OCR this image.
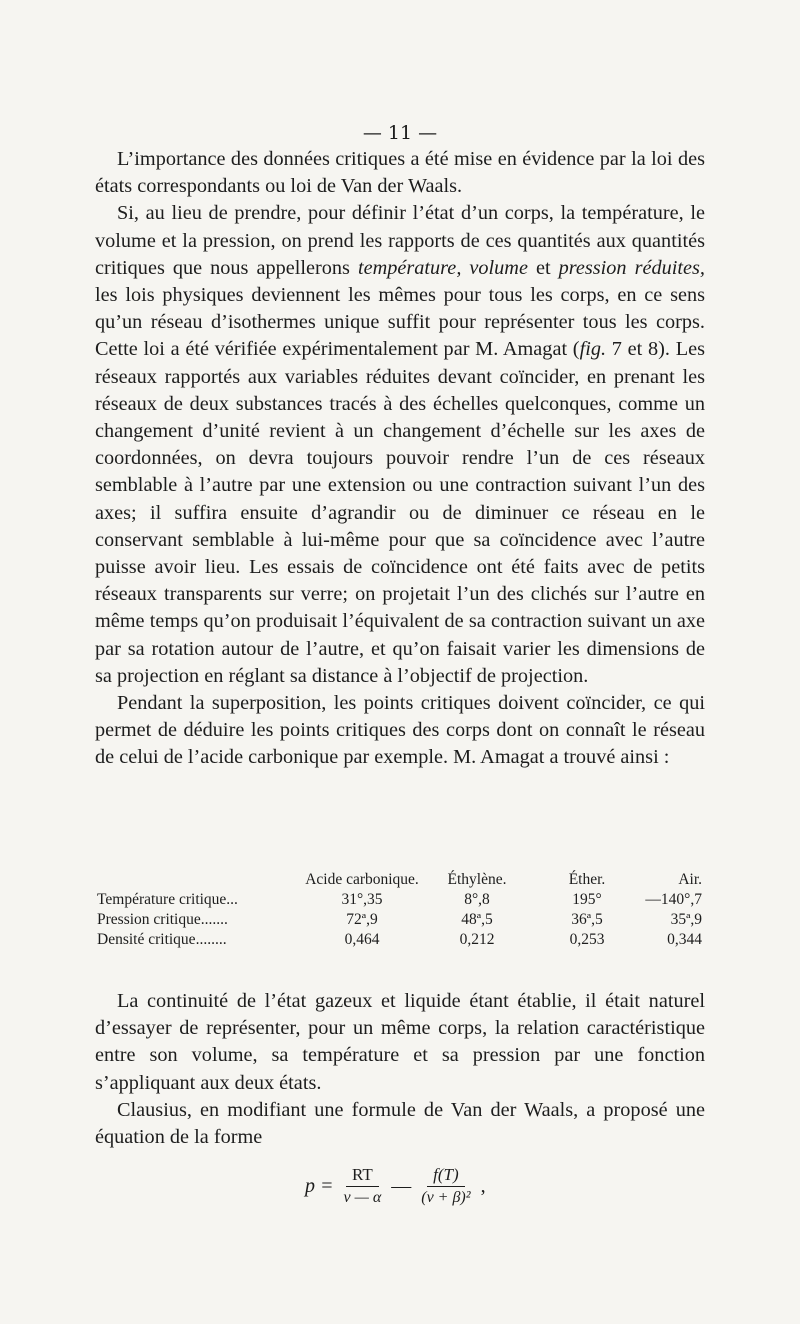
— 11 —

L’importance des données critiques a été mise en évidence par la loi des états correspondants ou loi de Van der Waals.

Si, au lieu de prendre, pour définir l’état d’un corps, la température, le volume et la pression, on prend les rapports de ces quantités aux quantités critiques que nous appellerons température, volume et pression réduites, les lois physiques deviennent les mêmes pour tous les corps, en ce sens qu’un réseau d’isothermes unique suffit pour représenter tous les corps. Cette loi a été vérifiée expérimentalement par M. Amagat (fig. 7 et 8). Les réseaux rapportés aux variables réduites devant coïncider, en prenant les réseaux de deux substances tracés à des échelles quelconques, comme un changement d’unité revient à un changement d’échelle sur les axes de coordonnées, on devra toujours pouvoir rendre l’un de ces réseaux semblable à l’autre par une extension ou une contraction suivant l’un des axes; il suffira ensuite d’agrandir ou de diminuer ce réseau en le conservant semblable à lui-même pour que sa coïncidence avec l’autre puisse avoir lieu. Les essais de coïncidence ont été faits avec de petits réseaux transparents sur verre; on projetait l’un des clichés sur l’autre en même temps qu’on produisait l’équivalent de sa contraction suivant un axe par sa rotation autour de l’autre, et qu’on faisait varier les dimensions de sa projection en réglant sa distance à l’objectif de projection.

Pendant la superposition, les points critiques doivent coïncider, ce qui permet de déduire les points critiques des corps dont on connaît le réseau de celui de l’acide carbonique par exemple. M. Amagat a trouvé ainsi :

	Acide carbonique.	Éthylène.	Éther.	Air.
Température critique...	31°,35	8°,8	195°	—140°,7
Pression critique.......	72ª,9	48ª,5	36ª,5	35ª,9
Densité critique........	0,464	0,212	0,253	0,344

La continuité de l’état gazeux et liquide étant établie, il était naturel d’essayer de représenter, pour un même corps, la relation caractéristique entre son volume, sa température et sa pression par une fonction s’appliquant aux deux états.

Clausius, en modifiant une formule de Van der Waals, a proposé une équation de la forme

$p = \frac{RT}{v — \alpha}$ — $\frac{f(T)}{\text{(v + β)²}}$ ,
